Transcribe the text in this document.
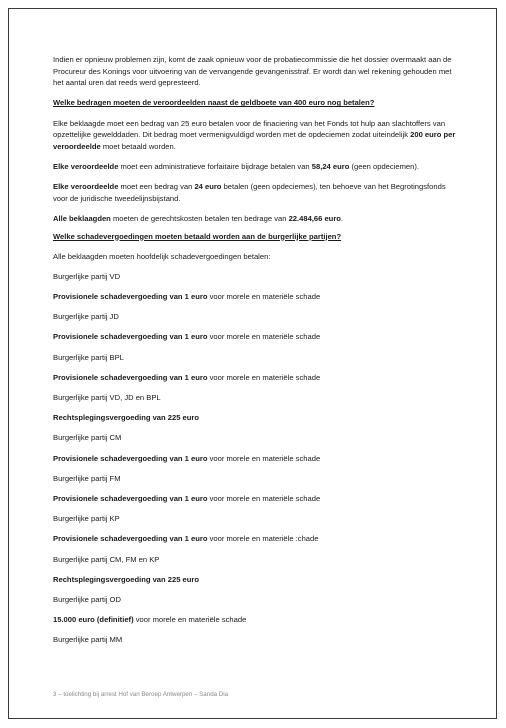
Indien er opnieuw problemen zijn, komt de zaak opnieuw voor de probatiecommissie die het dossier overmaakt aan de Procureur des Konings voor uitvoering van de vervangende gevangenisstraf. Er wordt dan wel rekening gehouden met het aantal uren dat reeds werd gepresteerd.

Welke bedragen moeten de veroordeelden naast de geldboete van 400 euro nog betalen?

Elke beklaagde moet een bedrag van 25 euro betalen voor de finaciering van het Fonds tot hulp aan slachtoffers van opzettelijke gewelddaden. Dit bedrag moet vermenigvuldigd worden met de opdeciemen zodat uiteindelijk 200 euro per veroordeelde moet betaald worden.

Elke veroordeelde moet een administratieve forfaitaire bijdrage betalen van 58,24 euro (geen opdeciemen).

Elke veroordeelde moet een bedrag van 24 euro betalen (geen opdeciemes), ten behoeve van het Begrotingsfonds voor de juridische tweedelijnsbijstand.

Alle beklaagden moeten de gerechtskosten betalen ten bedrage van 22.484,66 euro.

Welke schadevergoedingen moeten betaald worden aan de burgerlijke partijen?

Alle beklaagden moeten hoofdelijk schadevergoedingen betalen:

Burgerlijke partij VD

Provisionele schadevergoeding van 1 euro voor morele en materiële schade

Burgerlijke partij JD

Provisionele schadevergoeding van 1 euro voor morele en materiële schade

Burgerlijke partij BPL

Provisionele schadevergoeding van 1 euro voor morele en materiële schade

Burgerlijke partij VD, JD en BPL

Rechtsplegingsvergoeding van 225 euro

Burgerlijke partij CM

Provisionele schadevergoeding van 1 euro voor morele en materiële schade

Burgerlijke partij FM

Provisionele schadevergoeding van 1 euro voor morele en materiële schade

Burgerlijke partij KP

Provisionele schadevergoeding van 1 euro voor morele en materiële :chade

Burgerlijke partij CM, FM en KP

Rechtsplegingsvergoeding van 225 euro

Burgerlijke partij OD

15.000 euro (definitief) voor morele en materiële schade

Burgerlijke partij MM

3 – toelichting bij arrest Hof van Beroep Antwerpen – Sanda Dia
